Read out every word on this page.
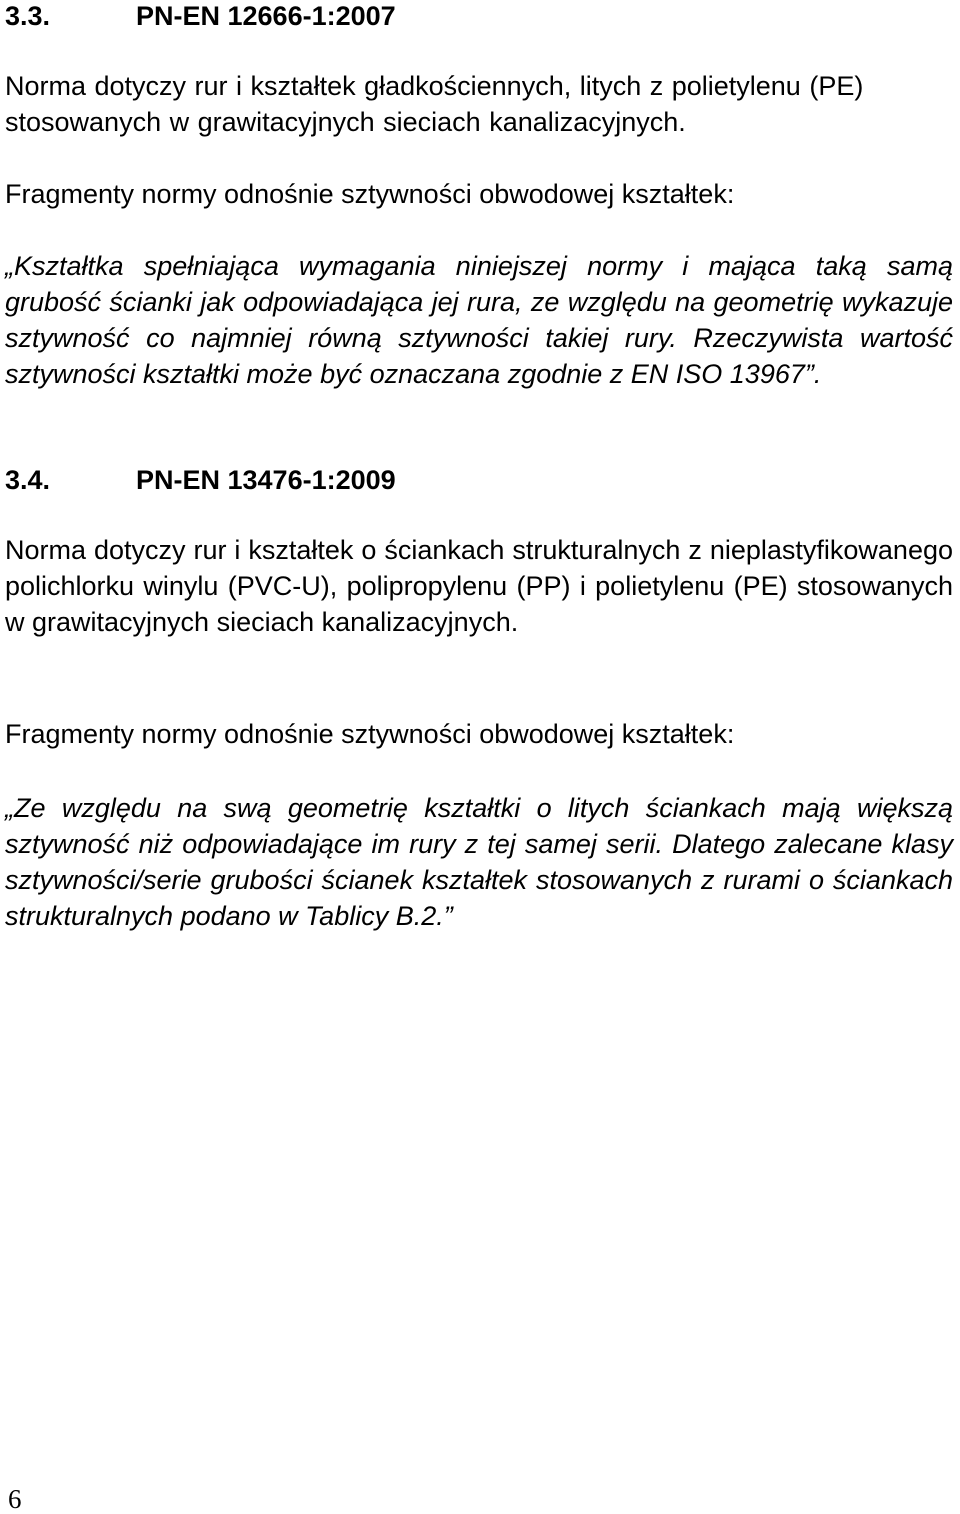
3.3.	PN-EN 12666-1:2007

Norma dotyczy rur i kształtek gładkościennych, litych z polietylenu (PE) stosowanych w grawitacyjnych sieciach kanalizacyjnych.

Fragmenty normy odnośnie sztywności obwodowej kształtek:

„Kształtka spełniająca wymagania niniejszej normy i mająca taką samą grubość ścianki jak odpowiadająca jej rura, ze względu na geometrię wykazuje sztywność co najmniej równą sztywności takiej rury. Rzeczywista wartość sztywności kształtki może być oznaczana zgodnie z EN ISO 13967”.

3.4.	PN-EN 13476-1:2009

Norma dotyczy rur i kształtek o ściankach strukturalnych z nieplastyfikowanego polichlorku winylu (PVC-U), polipropylenu (PP) i polietylenu (PE) stosowanych w grawitacyjnych sieciach kanalizacyjnych.

Fragmenty normy odnośnie sztywności obwodowej kształtek:

„Ze względu na swą geometrię kształtki o litych ściankach mają większą sztywność niż odpowiadające im rury z tej samej serii. Dlatego zalecane klasy sztywności/serie grubości ścianek kształtek stosowanych z rurami o ściankach strukturalnych podano w Tablicy B.2.”

6
